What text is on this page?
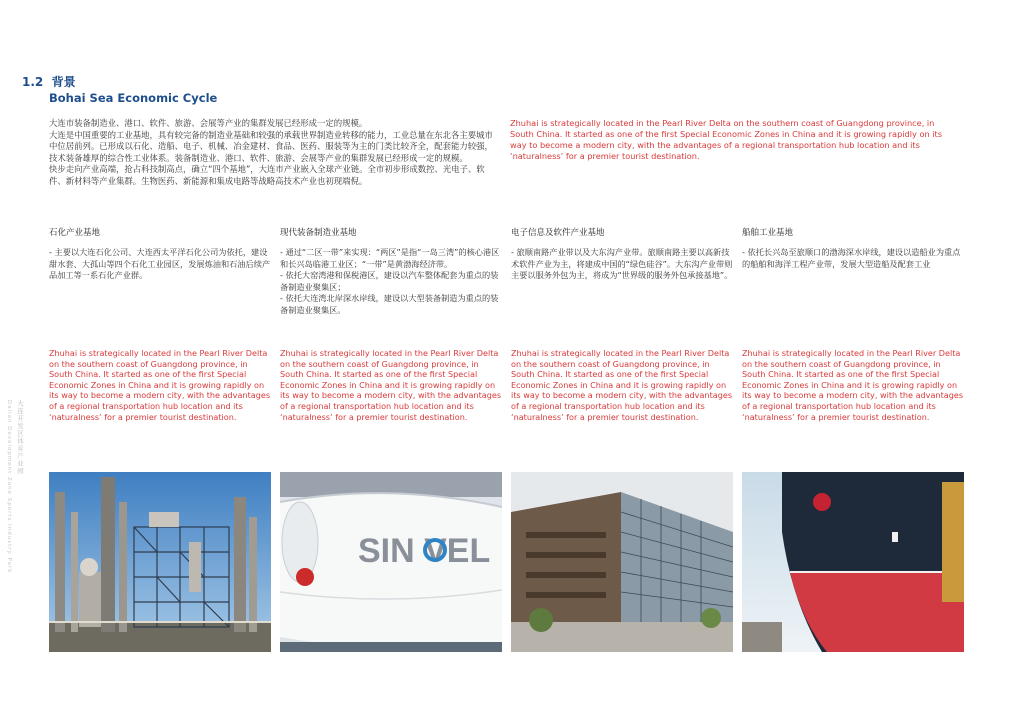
1.2 背景
Bohai Sea Economic Cycle

大连市装备制造业、港口、软件、旅游、会展等产业的集群发展已经形成一定的规模。

大连是中国重要的工业基地，具有较完备的制造业基础和较强的承载世界制造业转移的能力，工业总量在东北各主要城市中位居前列。已形成以石化、造船、电子、机械、冶金建材、食品、医药、服装等为主的门类比较齐全，配套能力较强，技术装备雄厚的综合性工业体系。装备制造业、港口、软件、旅游、会展等产业的集群发展已经形成一定的规模。

快步走向产业高端，抢占科技制高点，确立“四个基地”，大连市产业嵌入全球产业链。全市初步形成数控、光电子、软件、新材料等产业集群。生物医药、新能源和集成电路等战略高技术产业也初现端倪。

Zhuhai is strategically located in the Pearl River Delta on the southern coast of Guangdong province, in South China. It started as one of the first Special Economic Zones in China and it is growing rapidly on its way to become a modern city, with the advantages of a regional transportation hub location and its ‘naturalness’ for a premier tourist destination.
石化产业基地

- 主要以大连石化公司、大连西太平洋石化公司为依托，建设甜水套、大孤山等四个石化工业园区，发展炼油和石油后续产品加工等一系石化产业群。

Zhuhai is strategically located in the Pearl River Delta on the southern coast of Guangdong province, in South China. It started as one of the first Special Economic Zones in China and it is growing rapidly on its way to become a modern city, with the advantages of a regional transportation hub location and its ‘naturalness’ for a premier tourist destination.
现代装备制造业基地

- 通过“二区一带”来实现：“两区”是指“一岛三湾”的核心港区和长兴岛临港工业区；“一带”是黄渤海经济带。

- 依托大窑湾港和保税港区，建设以汽车整体配套为重点的装备制造业聚集区；

- 依托大连湾北岸深水岸线，建设以大型装备制造为重点的装备制造业聚集区。

Zhuhai is strategically located in the Pearl River Delta on the southern coast of Guangdong province, in South China. It started as one of the first Special Economic Zones in China and it is growing rapidly on its way to become a modern city, with the advantages of a regional transportation hub location and its ‘naturalness’ for a premier tourist destination.
电子信息及软件产业基地

- 旅顺南路产业带以及大东沟产业带。旅顺南路主要以高新技术软件产业为主，将建成中国的“绿色硅谷”。大东沟产业带则主要以服务外包为主，将成为“世界级的服务外包承接基地”。

Zhuhai is strategically located in the Pearl River Delta on the southern coast of Guangdong province, in South China. It started as one of the first Special Economic Zones in China and it is growing rapidly on its way to become a modern city, with the advantages of a regional transportation hub location and its ‘naturalness’ for a premier tourist destination.
船舶工业基地

- 依托长兴岛至旅顺口的渤海深水岸线，建设以造船业为重点的船舶和海洋工程产业带，发展大型造船及配套工业

Zhuhai is strategically located in the Pearl River Delta on the southern coast of Guangdong province, in South China. It started as one of the first Special Economic Zones in China and it is growing rapidly on its way to become a modern city, with the advantages of a regional transportation hub location and its ‘naturalness’ for a premier tourist destination.
大连开发区体育产业园
Dalian Development Zone Sports Industry Park	SIN VEL
